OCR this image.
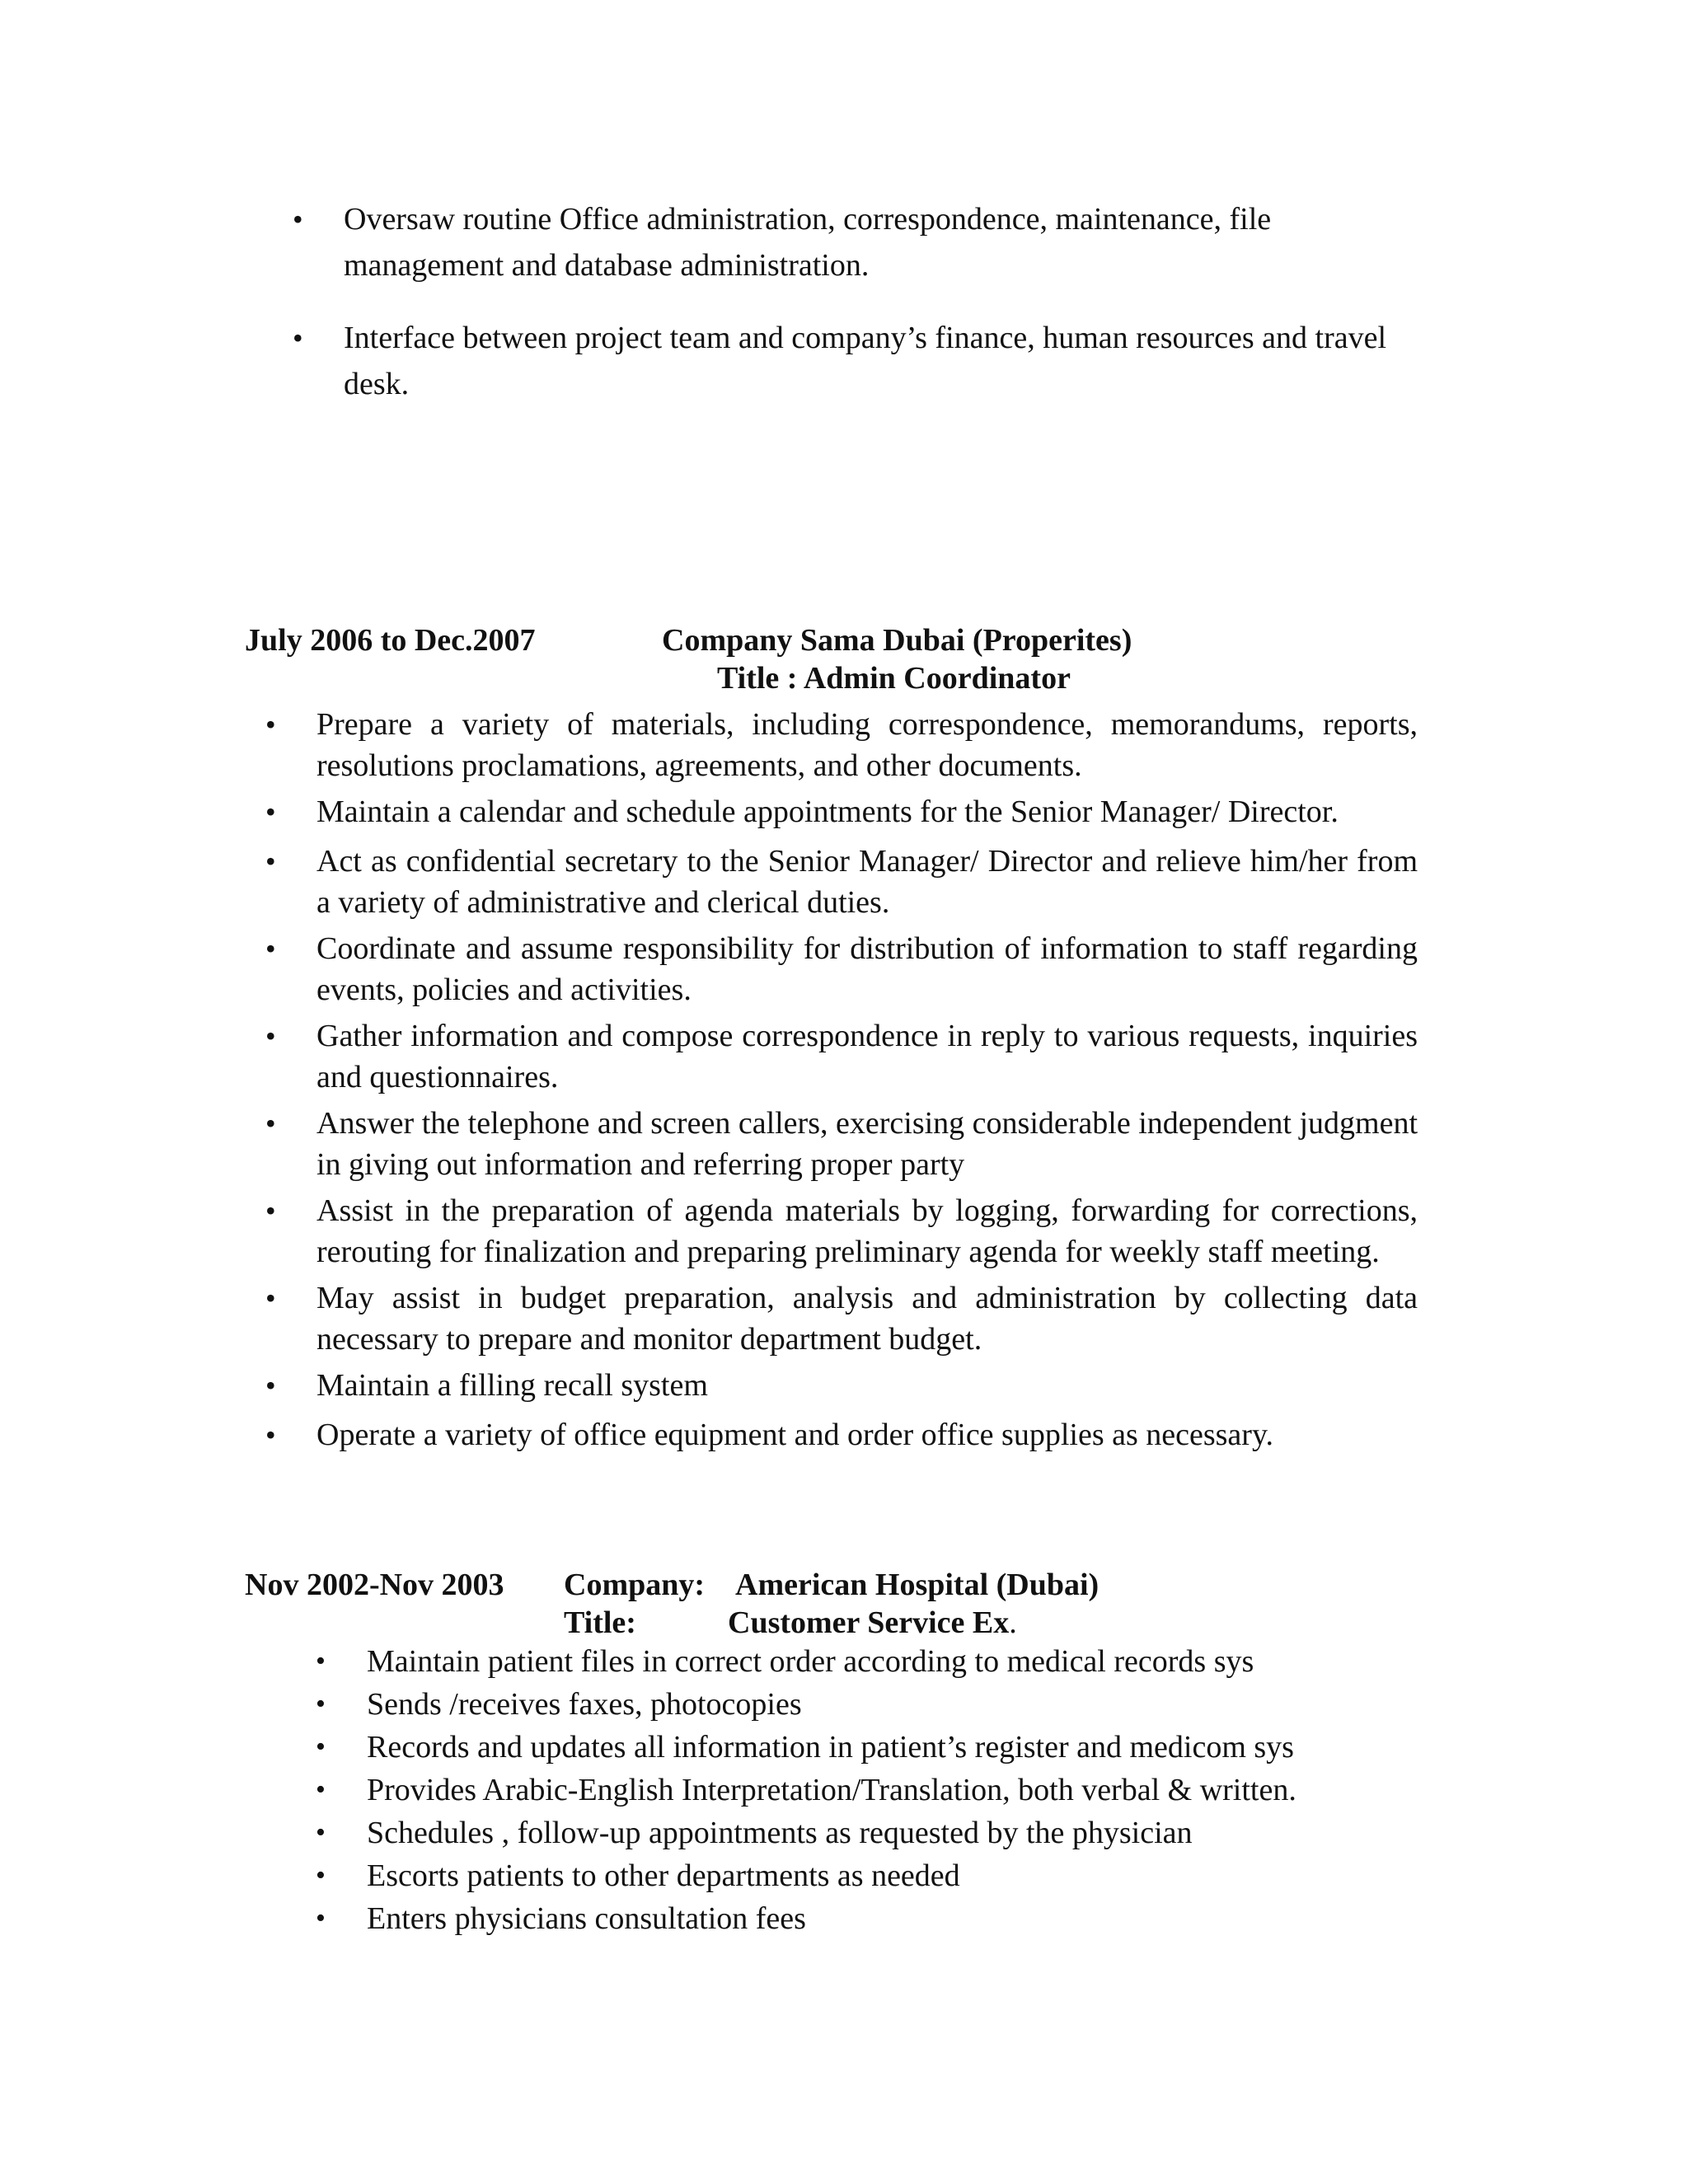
• Oversaw routine Office administration, correspondence, maintenance, file management and database administration.
• Interface between project team and company’s finance, human resources and travel desk.
July 2006 to Dec.2007	Company Sama Dubai (Properites)
Title : Admin Coordinator
• Prepare a variety of materials, including correspondence, memorandums, reports, resolutions proclamations, agreements, and other documents.
• Maintain a calendar and schedule appointments for the Senior Manager/ Director.
• Act as confidential secretary to the Senior Manager/ Director and relieve him/her from a variety of administrative and clerical duties.
• Coordinate and assume responsibility for distribution of information to staff regarding events, policies and activities.
• Gather information and compose correspondence in reply to various requests, inquiries and questionnaires.
• Answer the telephone and screen callers, exercising considerable independent judgment in giving out information and referring proper party
• Assist in the preparation of agenda materials by logging, forwarding for corrections, rerouting for finalization and preparing preliminary agenda for weekly staff meeting.
• May assist in budget preparation, analysis and administration by collecting data necessary to prepare and monitor department budget.
• Maintain a filling recall system
• Operate a variety of office equipment and order office supplies as necessary.
Nov 2002-Nov 2003 Company: American Hospital (Dubai)
Title:	Customer Service Ex.
• Maintain patient files in correct order according to medical records sys
• Sends /receives faxes, photocopies
• Records and updates all information in patient’s register and medicom sys
• Provides Arabic-English Interpretation/Translation, both verbal & written.
• Schedules , follow-up appointments as requested by the physician
• Escorts patients to other departments as needed
• Enters physicians consultation fees
